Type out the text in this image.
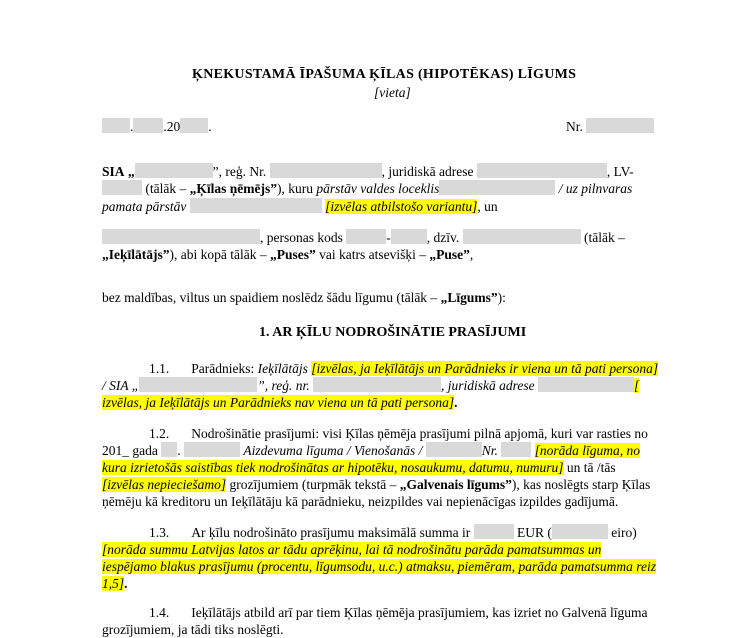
ĶNEKUSTAMĀ ĪPAŠUMA ĶĪLAS (HIPOTĒKAS) LĪGUMS
[vieta]
. .20 .	Nr.
SIA „	”, reģ. Nr.	, juridiskā adrese	, LV-
(tālāk – „Ķīlas ņēmējs”), kuru pārstāv valdes loceklis	/ uz pilnvaras
pamata pārstāv	[izvēlas atbilstošo variantu], un
, personas kods	-	, dzīv.	(tālāk –
„Ieķīlātājs”), abi kopā tālāk – „Puses” vai katrs atsevišķi – „Puse”,
bez maldības, viltus un spaidiem noslēdz šādu līgumu (tālāk – „Līgums”):
1. AR ĶĪLU NODROŠINĀTIE PRASĪJUMI
1.1. Parādnieks: Ieķīlātājs [izvēlas, ja Ieķīlātājs un Parādnieks ir viena un tā pati persona]
/ SIA „	”, reģ. nr.	, juridiskā adrese	[
izvēlas, ja Ieķīlātājs un Parādnieks nav viena un tā pati persona].
1.2. Nodrošinātie prasījumi: visi Ķīlas ņēmēja prasījumi pilnā apjomā, kuri var rasties no
201_ gada .	Aizdevuma līguma / Vienošanās /	Nr.	[norāda līguma, no
kura izrietošās saistības tiek nodrošinātas ar hipotēku, nosaukumu, datumu, numuru] un tā /tās
[izvēlas nepieciešamo] grozījumiem (turpmāk tekstā – „Galvenais līgums”), kas noslēgts starp Ķīlas
ņēmēju kā kreditoru un Ieķīlātāju kā parādnieku, neizpildes vai nepienācīgas izpildes gadījumā.
1.3. Ar ķīlu nodrošināto prasījumu maksimālā summa ir	EUR (	eiro)
[norāda summu Latvijas latos ar tādu aprēķinu, lai tā nodrošinātu parāda pamatsummas un
iespējamo blakus prasījumu (procentu, līgumsodu, u.c.) atmaksu, piemēram, parāda pamatsumma reiz
1,5].
1.4. Ieķīlātājs atbild arī par tiem Ķīlas ņēmēja prasījumiem, kas izriet no Galvenā līguma
grozījumiem, ja tādi tiks noslēgti.
